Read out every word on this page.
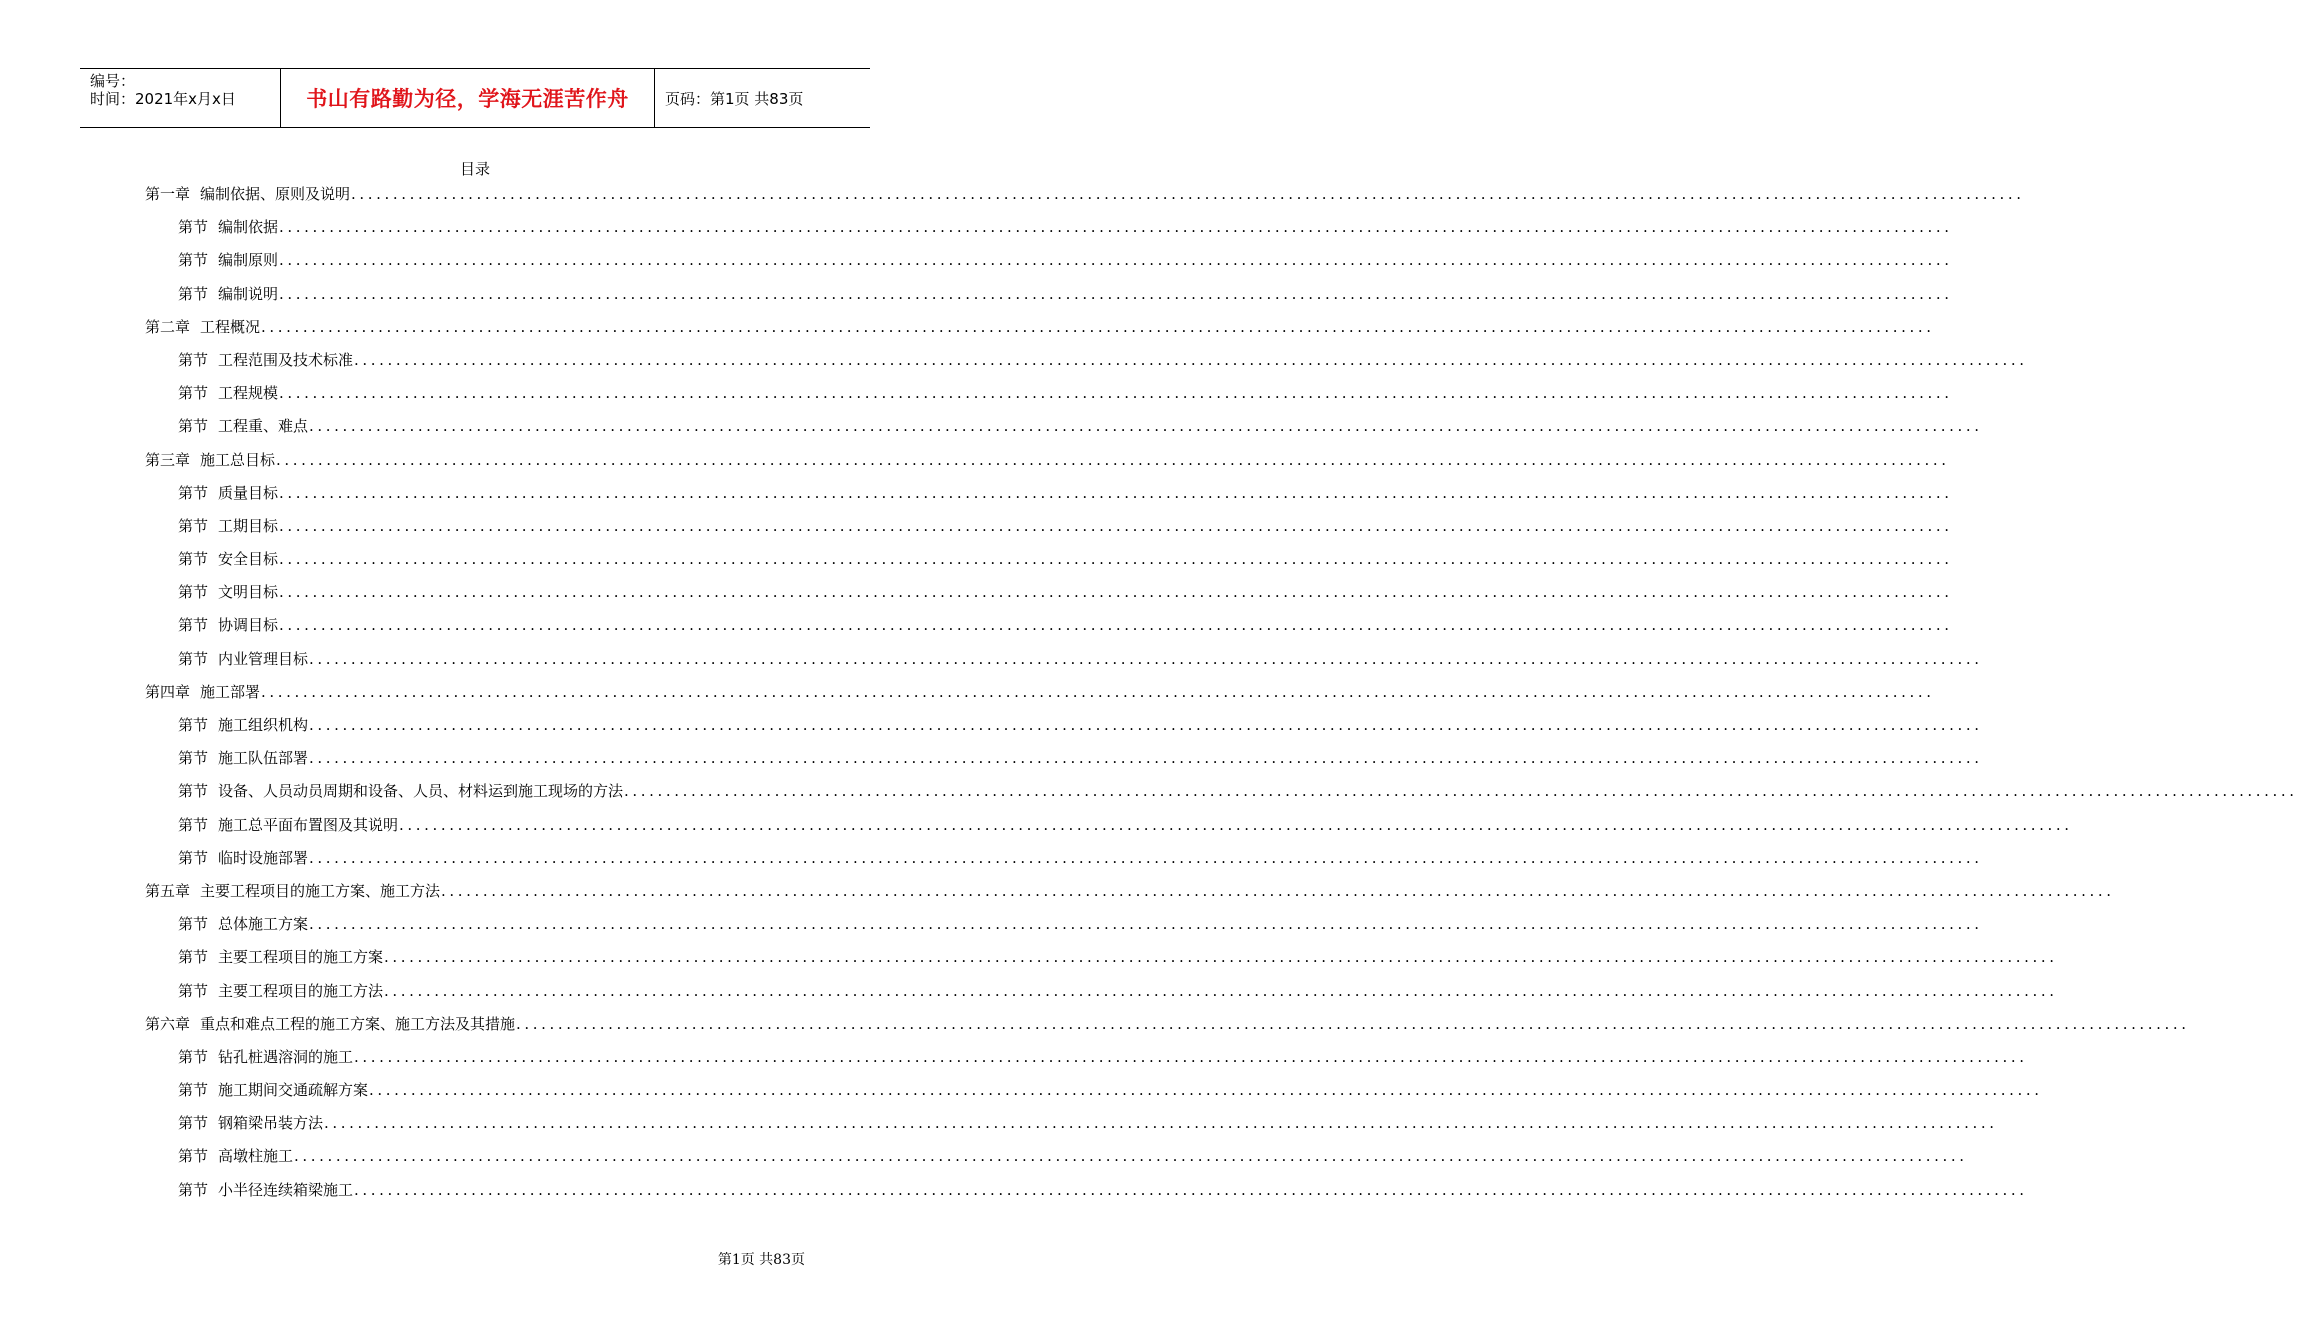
编号：
时间：2021年x月x日	书山有路勤为径，学海无涯苦作舟	页码：第1页 共83页
目录
第一章 编制依据、原则及说明 ........................................................................................................................................................................................................
第节 编制依据 ........................................................................................................................................................................................................
第节 编制原则 ........................................................................................................................................................................................................
第节 编制说明 ........................................................................................................................................................................................................
第二章 工程概况 ........................................................................................................................................................................................................
第节 工程范围及技术标准 ........................................................................................................................................................................................................
第节 工程规模 ........................................................................................................................................................................................................
第节 工程重、难点 ........................................................................................................................................................................................................
第三章 施工总目标 ........................................................................................................................................................................................................
第节 质量目标 ........................................................................................................................................................................................................
第节 工期目标 ........................................................................................................................................................................................................
第节 安全目标 ........................................................................................................................................................................................................
第节 文明目标 ........................................................................................................................................................................................................
第节 协调目标 ........................................................................................................................................................................................................
第节 内业管理目标 ........................................................................................................................................................................................................
第四章 施工部署 ........................................................................................................................................................................................................
第节 施工组织机构 ........................................................................................................................................................................................................
第节 施工队伍部署 ........................................................................................................................................................................................................
第节 设备、人员动员周期和设备、人员、材料运到施工现场的方法 ........................................................................................................................................................................................................
第节 施工总平面布置图及其说明 ........................................................................................................................................................................................................
第节 临时设施部署 ........................................................................................................................................................................................................
第五章 主要工程项目的施工方案、施工方法 ........................................................................................................................................................................................................
第节 总体施工方案 ........................................................................................................................................................................................................
第节 主要工程项目的施工方案 ........................................................................................................................................................................................................
第节 主要工程项目的施工方法 ........................................................................................................................................................................................................
第六章 重点和难点工程的施工方案、施工方法及其措施 ........................................................................................................................................................................................................
第节 钻孔桩遇溶洞的施工 ........................................................................................................................................................................................................
第节 施工期间交通疏解方案 ........................................................................................................................................................................................................
第节 钢箱梁吊装方法 ........................................................................................................................................................................................................
第节 高墩柱施工 ........................................................................................................................................................................................................
第节 小半径连续箱梁施工 ........................................................................................................................................................................................................
第1页 共83页
